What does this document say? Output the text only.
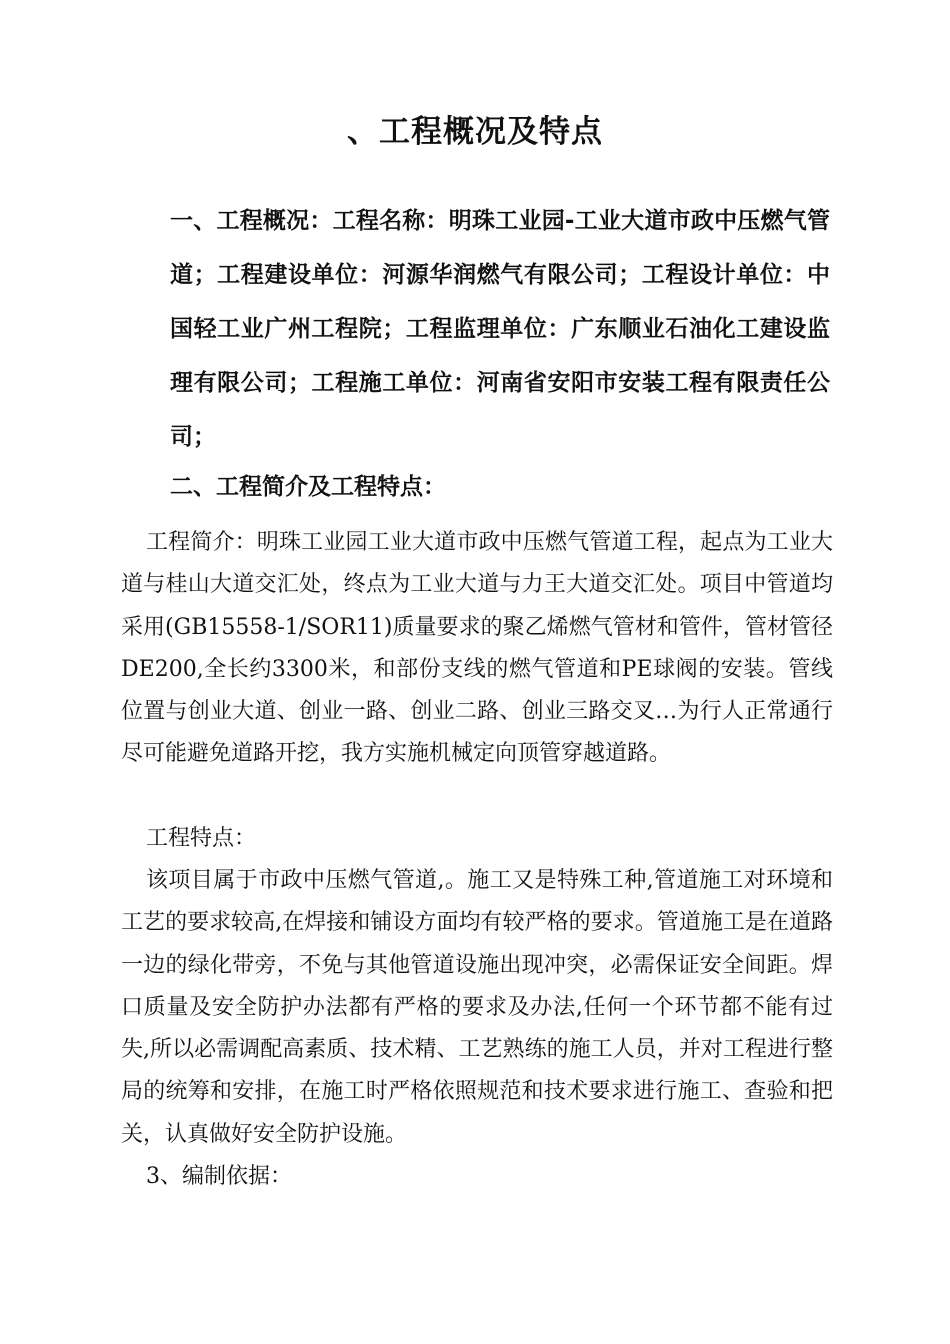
、工程概况及特点

一、工程概况：工程名称：明珠工业园-工业大道市政中压燃气管道；工程建设单位：河源华润燃气有限公司；工程设计单位：中国轻工业广州工程院；工程监理单位：广东顺业石油化工建设监理有限公司；工程施工单位：河南省安阳市安装工程有限责任公司；

二、工程简介及工程特点：

工程简介：明珠工业园工业大道市政中压燃气管道工程，起点为工业大道与桂山大道交汇处，终点为工业大道与力王大道交汇处。项目中管道均采用(GB15558-1/SOR11)质量要求的聚乙烯燃气管材和管件，管材管径DE200,全长约3300米，和部份支线的燃气管道和PE球阀的安装。管线位置与创业大道、创业一路、创业二路、创业三路交叉…为行人正常通行尽可能避免道路开挖，我方实施机械定向顶管穿越道路。

工程特点：

该项目属于市政中压燃气管道,。施工又是特殊工种,管道施工对环境和工艺的要求较高,在焊接和铺设方面均有较严格的要求。管道施工是在道路一边的绿化带旁，不免与其他管道设施出现冲突，必需保证安全间距。焊口质量及安全防护办法都有严格的要求及办法,任何一个环节都不能有过失,所以必需调配高素质、技术精、工艺熟练的施工人员，并对工程进行整局的统筹和安排，在施工时严格依照规范和技术要求进行施工、查验和把关，认真做好安全防护设施。

3、编制依据：
